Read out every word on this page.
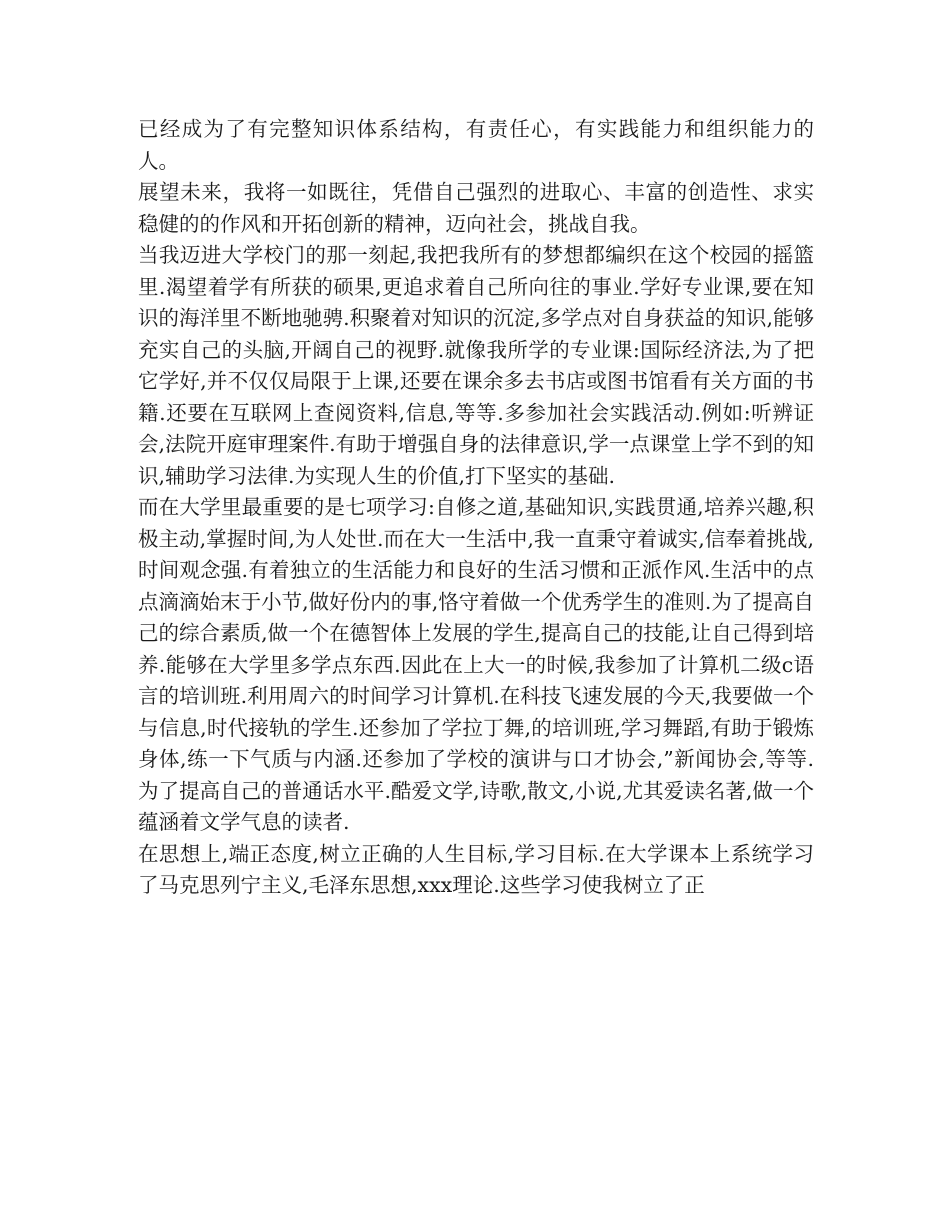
已经成为了有完整知识体系结构，有责任心，有实践能力和组织能力的人。

展望未来，我将一如既往，凭借自己强烈的进取心、丰富的创造性、求实稳健的的作风和开拓创新的精神，迈向社会，挑战自我。

当我迈进大学校门的那一刻起,我把我所有的梦想都编织在这个校园的摇篮里.渴望着学有所获的硕果,更追求着自己所向往的事业.学好专业课,要在知识的海洋里不断地驰骋.积聚着对知识的沉淀,多学点对自身获益的知识,能够充实自己的头脑,开阔自己的视野.就像我所学的专业课:国际经济法,为了把它学好,并不仅仅局限于上课,还要在课余多去书店或图书馆看有关方面的书籍.还要在互联网上查阅资料,信息,等等.多参加社会实践活动.例如:听辨证会,法院开庭审理案件.有助于增强自身的法律意识,学一点课堂上学不到的知识,辅助学习法律.为实现人生的价值,打下坚实的基础.

而在大学里最重要的是七项学习:自修之道,基础知识,实践贯通,培养兴趣,积极主动,掌握时间,为人处世.而在大一生活中,我一直秉守着诚实,信奉着挑战,时间观念强.有着独立的生活能力和良好的生活习惯和正派作风.生活中的点点滴滴始末于小节,做好份内的事,恪守着做一个优秀学生的准则.为了提高自己的综合素质,做一个在德智体上发展的学生,提高自己的技能,让自己得到培养.能够在大学里多学点东西.因此在上大一的时候,我参加了计算机二级c语言的培训班.利用周六的时间学习计算机.在科技飞速发展的今天,我要做一个与信息,时代接轨的学生.还参加了学拉丁舞,的培训班,学习舞蹈,有助于锻炼身体,练一下气质与内涵.还参加了学校的演讲与口才协会,”新闻协会,等等.为了提高自己的普通话水平.酷爱文学,诗歌,散文,小说,尤其爱读名著,做一个蕴涵着文学气息的读者.

在思想上,端正态度,树立正确的人生目标,学习目标.在大学课本上系统学习了马克思列宁主义,毛泽东思想,xxx理论.这些学习使我树立了正
